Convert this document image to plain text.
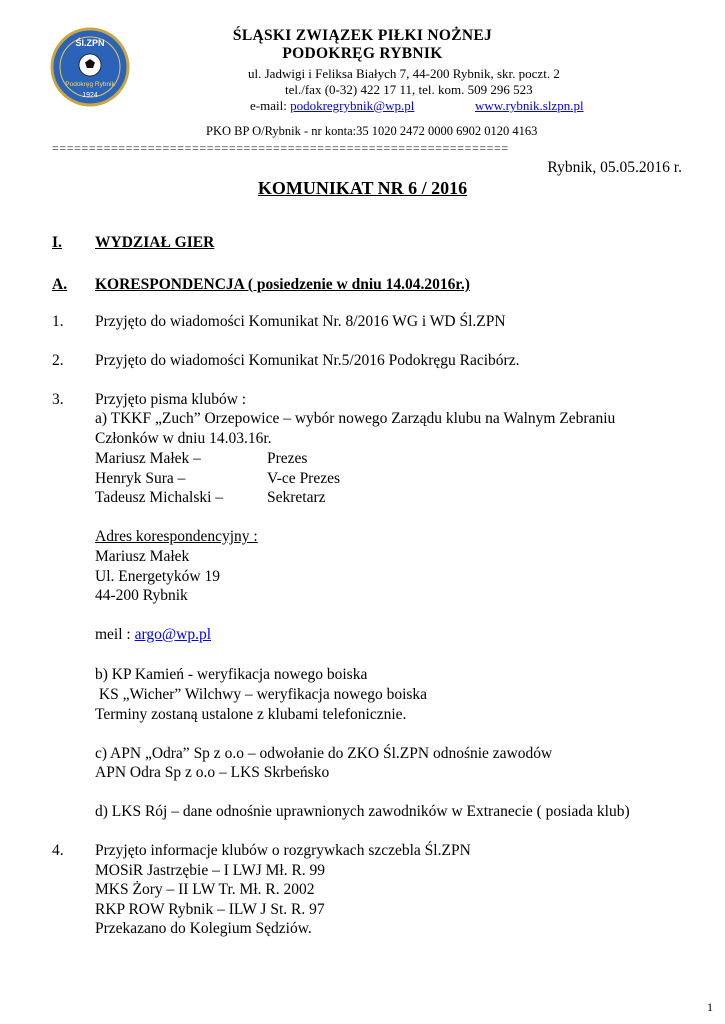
Śl.ZPN
Podokręg Rybnik
1924
ŚLĄSKI ZWIĄZEK PIŁKI NOŻNEJ
PODOKRĘG RYBNIK
ul. Jadwigi i Feliksa Białych 7, 44-200 Rybnik, skr. poczt. 2
tel./fax (0-32) 422 17 11, tel. kom. 509 296 523
e-mail: podokregrybnik@wp.pl	www.rybnik.slzpn.pl
PKO BP O/Rybnik - nr konta:35 1020 2472 0000 6902 0120 4163
==============================================================
Rybnik, 05.05.2016 r.
KOMUNIKAT NR 6 / 2016
I. WYDZIAŁ GIER
A. KORESPONDENCJA ( posiedzenie w dniu 14.04.2016r.)
1. Przyjęto do wiadomości Komunikat Nr. 8/2016 WG i WD Śl.ZPN
2. Przyjęto do wiadomości Komunikat Nr.5/2016 Podokręgu Racibórz.
3. Przyjęto pisma klubów :
a) TKKF „Zuch” Orzepowice – wybór nowego Zarządu klubu na Walnym Zebraniu
Członków w dniu 14.03.16r.
Mariusz Małek –	Prezes
Henryk Sura –	V-ce Prezes
Tadeusz Michalski –	Sekretarz
Adres korespondencyjny :
Mariusz Małek
Ul. Energetyków 19
44-200 Rybnik
meil : argo@wp.pl
b) KP Kamień - weryfikacja nowego boiska
KS „Wicher” Wilchwy – weryfikacja nowego boiska
Terminy zostaną ustalone z klubami telefonicznie.
c) APN „Odra” Sp z o.o – odwołanie do ZKO Śl.ZPN odnośnie zawodów
APN Odra Sp z o.o – LKS Skrbeńsko
d) LKS Rój – dane odnośnie uprawnionych zawodników w Extranecie ( posiada klub)
4. Przyjęto informacje klubów o rozgrywkach szczebla Śl.ZPN
MOSiR Jastrzębie – I LWJ Mł. R. 99
MKS Żory – II LW Tr. Mł. R. 2002
RKP ROW Rybnik – ILW J St. R. 97
Przekazano do Kolegium Sędziów.
1
